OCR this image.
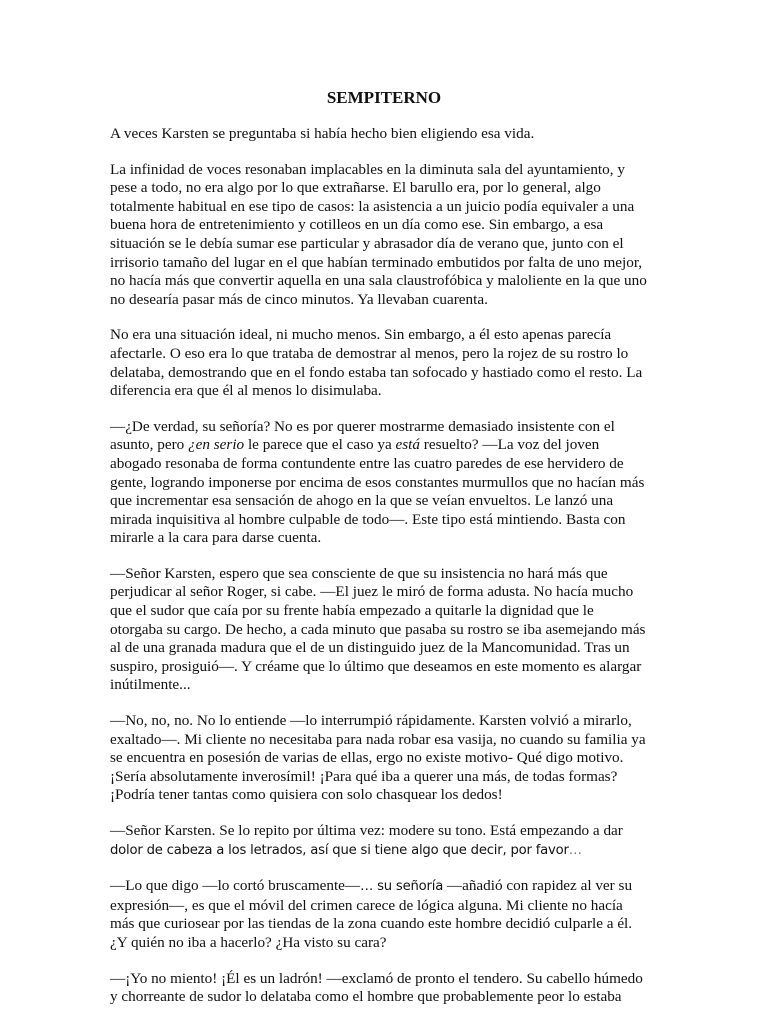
SEMPITERNO

A veces Karsten se preguntaba si había hecho bien eligiendo esa vida.

La infinidad de voces resonaban implacables en la diminuta sala del ayuntamiento, y
pese a todo, no era algo por lo que extrañarse. El barullo era, por lo general, algo
totalmente habitual en ese tipo de casos: la asistencia a un juicio podía equivaler a una
buena hora de entretenimiento y cotilleos en un día como ese. Sin embargo, a esa
situación se le debía sumar ese particular y abrasador día de verano que, junto con el
irrisorio tamaño del lugar en el que habían terminado embutidos por falta de uno mejor,
no hacía más que convertir aquella en una sala claustrofóbica y maloliente en la que uno
no desearía pasar más de cinco minutos. Ya llevaban cuarenta.

No era una situación ideal, ni mucho menos. Sin embargo, a él esto apenas parecía
afectarle. O eso era lo que trataba de demostrar al menos, pero la rojez de su rostro lo
delataba, demostrando que en el fondo estaba tan sofocado y hastiado como el resto. La
diferencia era que él al menos lo disimulaba.

—¿De verdad, su señoría? No es por querer mostrarme demasiado insistente con el
asunto, pero ¿en serio le parece que el caso ya está resuelto? —La voz del joven
abogado resonaba de forma contundente entre las cuatro paredes de ese hervidero de
gente, logrando imponerse por encima de esos constantes murmullos que no hacían más
que incrementar esa sensación de ahogo en la que se veían envueltos. Le lanzó una
mirada inquisitiva al hombre culpable de todo—. Este tipo está mintiendo. Basta con
mirarle a la cara para darse cuenta.

—Señor Karsten, espero que sea consciente de que su insistencia no hará más que
perjudicar al señor Roger, si cabe. —El juez le miró de forma adusta. No hacía mucho
que el sudor que caía por su frente había empezado a quitarle la dignidad que le
otorgaba su cargo. De hecho, a cada minuto que pasaba su rostro se iba asemejando más
al de una granada madura que el de un distinguido juez de la Mancomunidad. Tras un
suspiro, prosiguió—. Y créame que lo último que deseamos en este momento es alargar
inútilmente...

—No, no, no. No lo entiende —lo interrumpió rápidamente. Karsten volvió a mirarlo,
exaltado—. Mi cliente no necesitaba para nada robar esa vasija, no cuando su familia ya
se encuentra en posesión de varias de ellas, ergo no existe motivo- Qué digo motivo.
¡Sería absolutamente inverosímil! ¡Para qué iba a querer una más, de todas formas?
¡Podría tener tantas como quisiera con solo chasquear los dedos!

—Señor Karsten. Se lo repito por última vez: modere su tono. Está empezando a dar
dolor de cabeza a los letrados, así que si tiene algo que decir, por favor…

—Lo que digo —lo cortó bruscamente—… su señoría —añadió con rapidez al ver su
expresión—, es que el móvil del crimen carece de lógica alguna. Mi cliente no hacía
más que curiosear por las tiendas de la zona cuando este hombre decidió culparle a él.
¿Y quién no iba a hacerlo? ¿Ha visto su cara?

—¡Yo no miento! ¡Él es un ladrón! —exclamó de pronto el tendero. Su cabello húmedo
y chorreante de sudor lo delataba como el hombre que probablemente peor lo estaba
